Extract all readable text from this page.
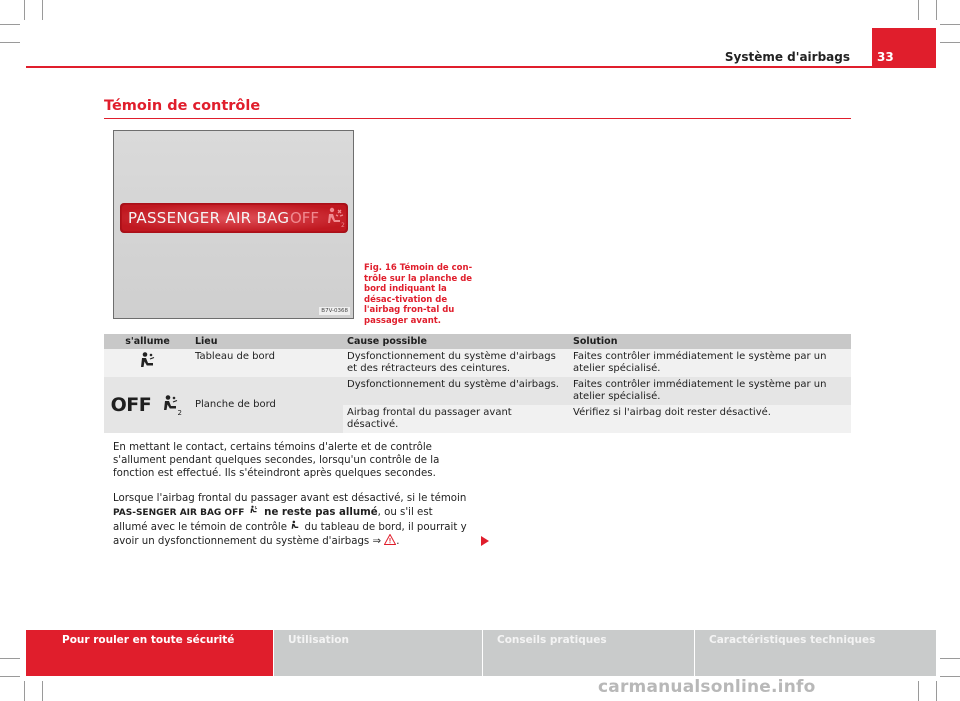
Système d'airbags 33
Témoin de contrôle
PASSENGER AIR BAG OFF	2
B7V-0368
Fig. 16 Témoin de con-trôle sur la planche de bord indiquant la désac-tivation de l'airbag fron-tal du passager avant.
s'allume	Lieu	Cause possible	Solution
	Tableau de bord	Dysfonctionnement du système d'airbags et des rétracteurs des ceintures.	Faites contrôler immédiatement le système par un atelier spécialisé.
OFF 2	Planche de bord	Dysfonctionnement du système d'airbags.	Faites contrôler immédiatement le système par un atelier spécialisé.
		Airbag frontal du passager avant désactivé.	Vérifiez si l'airbag doit rester désactivé.

En mettant le contact, certains témoins d'alerte et de contrôle s'allument pendant quelques secondes, lorsqu'un contrôle de la fonction est effectué. Ils s'éteindront après quelques secondes.

Lorsque l'airbag frontal du passager avant est désactivé, si le témoin PAS-SENGER AIR BAG OFF  ne reste pas allumé, ou s'il est allumé avec le témoin de contrôle  du tableau de bord, il pourrait y avoir un dysfonctionnement du système d'airbags ⇒ .

Pour rouler en toute sécurité	Utilisation	Conseils pratiques	Caractéristiques techniques
carmanualsonline.info
